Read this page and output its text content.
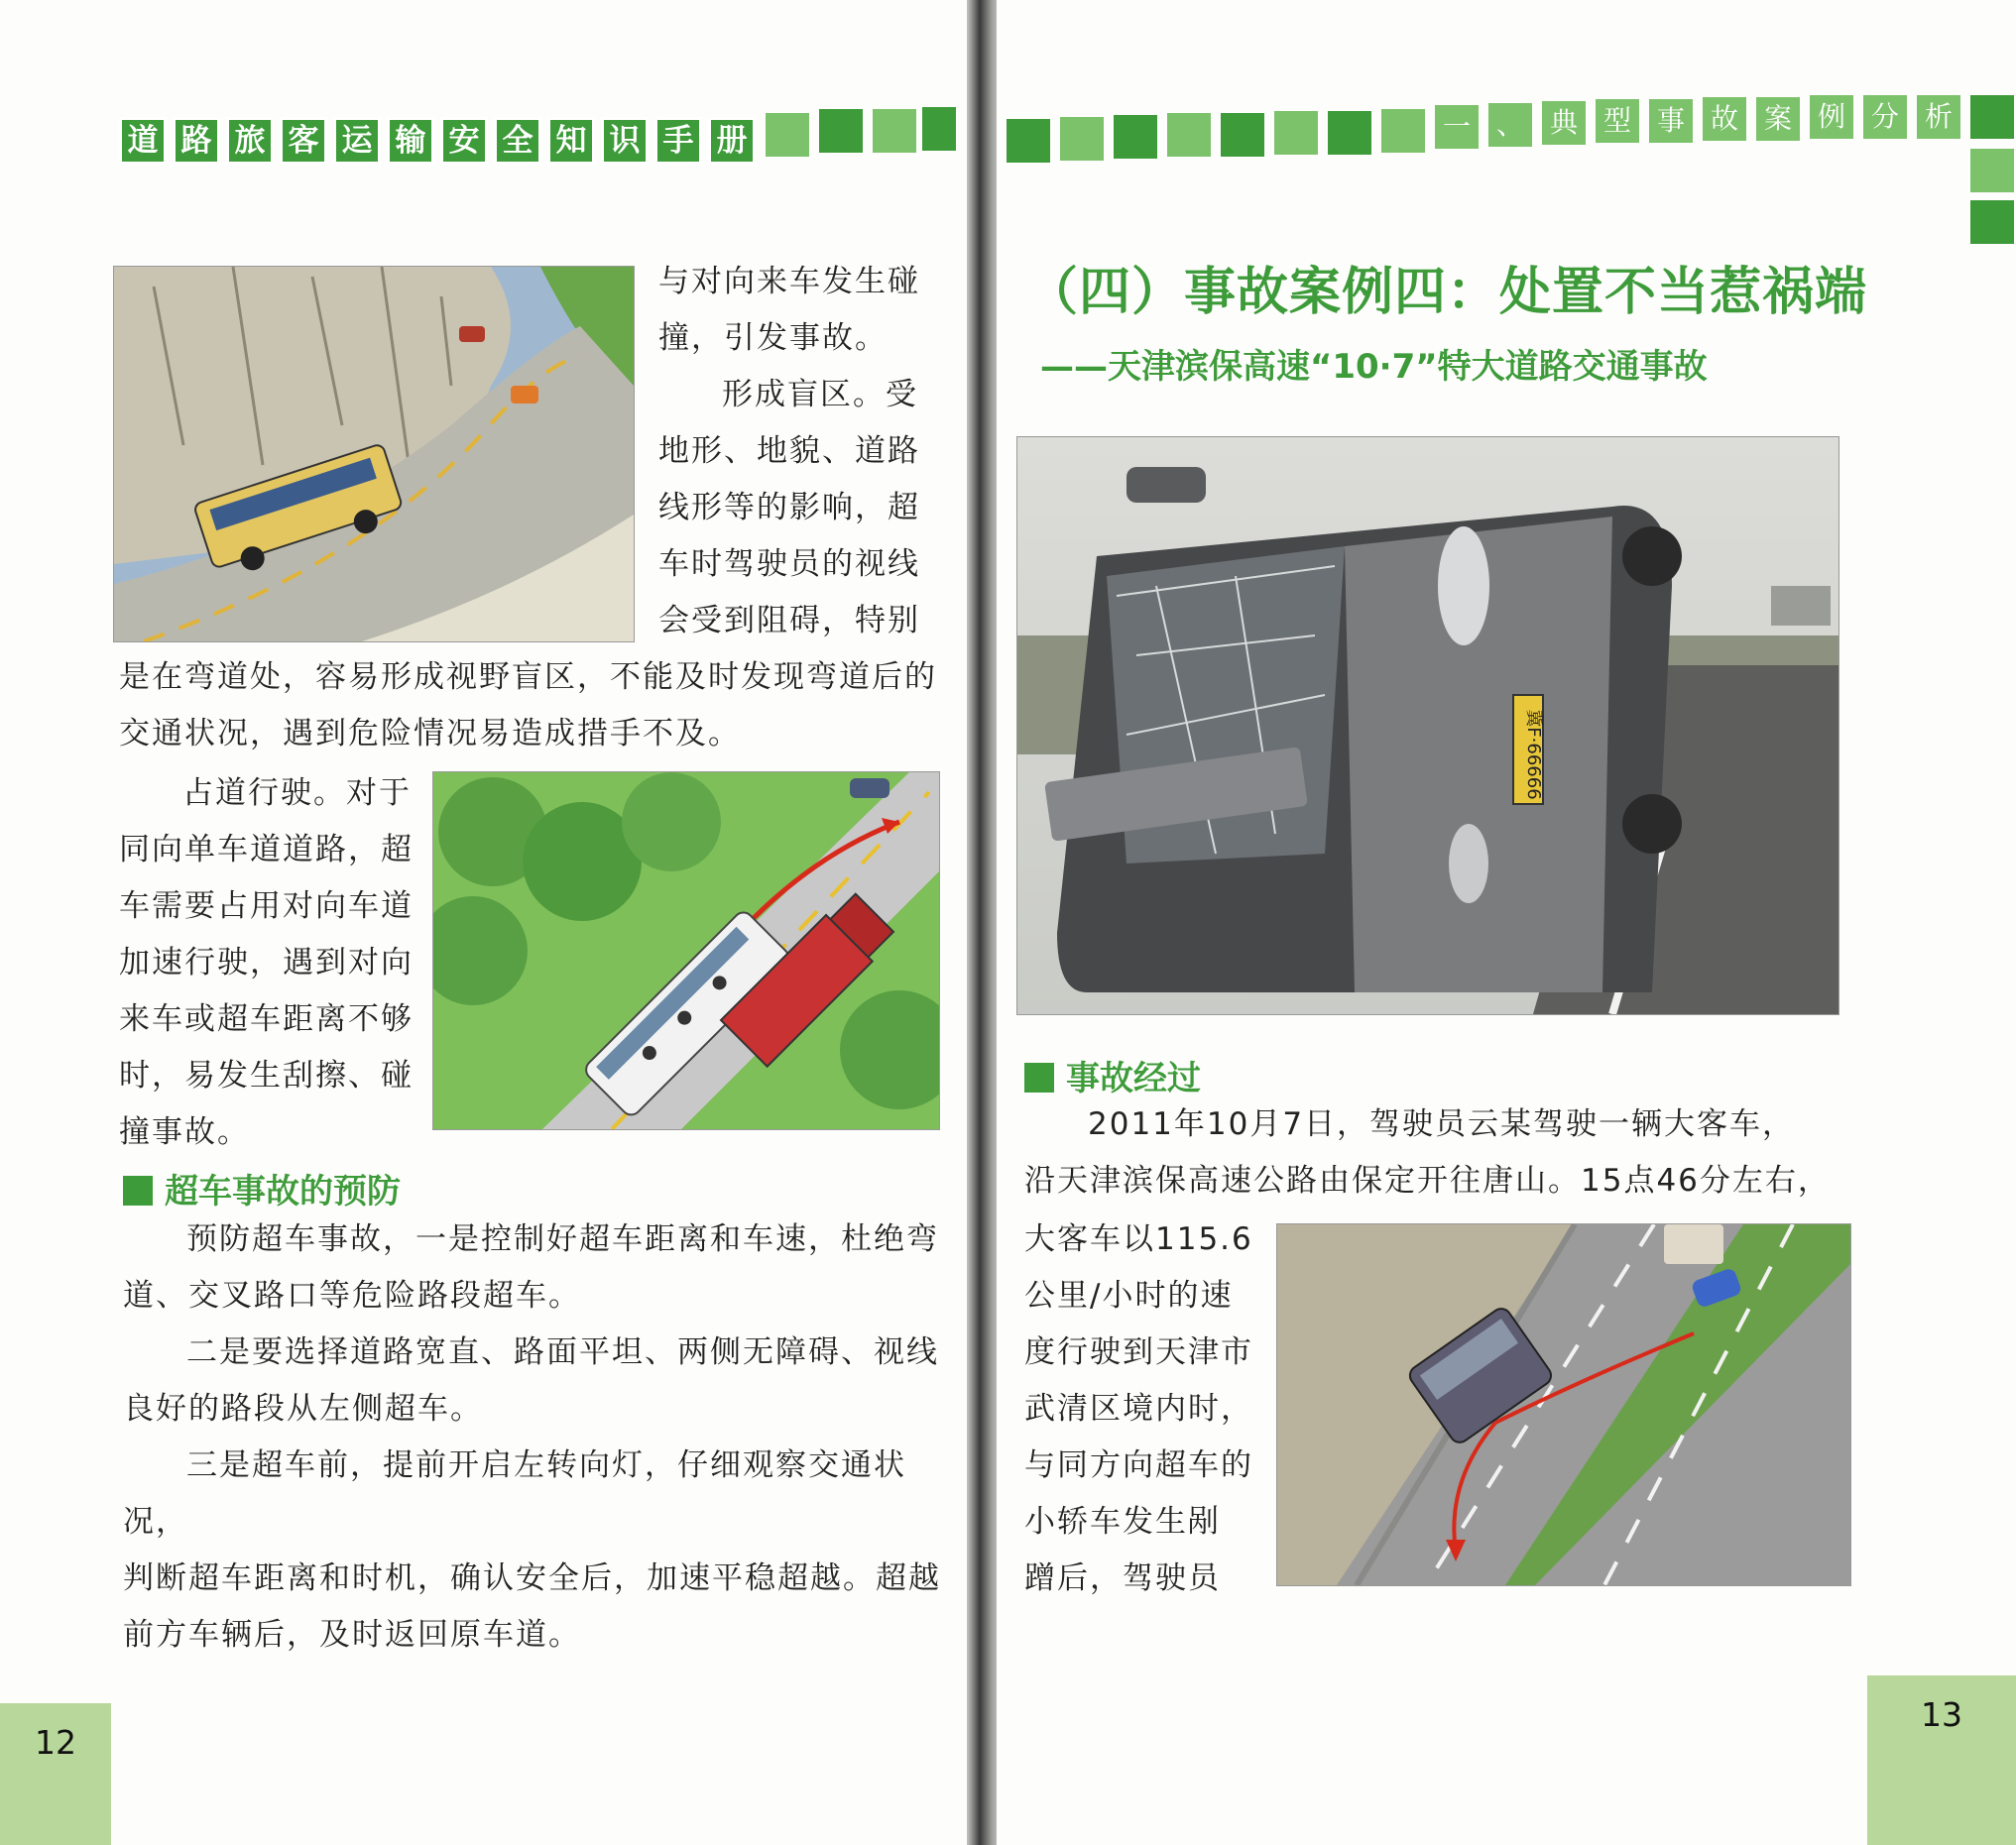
道 路 旅 客 运 输 安 全 知 识 手 册
与对向来车发生碰
撞，引发事故。
形成盲区。受
地形、地貌、道路
线形等的影响，超
车时驾驶员的视线
会受到阻碍，特别
是在弯道处，容易形成视野盲区，不能及时发现弯道后的
交通状况，遇到危险情况易造成措手不及。
占道行驶。对于
同向单车道道路，超
车需要占用对向车道
加速行驶，遇到对向
来车或超车距离不够
时，易发生刮擦、碰
撞事故。
超车事故的预防
预防超车事故，一是控制好超车距离和车速，杜绝弯
道、交叉路口等危险路段超车。
二是要选择道路宽直、路面平坦、两侧无障碍、视线
良好的路段从左侧超车。
三是超车前，提前开启左转向灯，仔细观察交通状况，
判断超车距离和时机，确认安全后，加速平稳超越。超越
前方车辆后，及时返回原车道。
12
一 、 典 型 事 故 案 例 分 析
（四）事故案例四：处置不当惹祸端
——天津滨保高速“10·7”特大道路交通事故
冀F·66666
事故经过
2011年10月7日，驾驶员云某驾驶一辆大客车，
沿天津滨保高速公路由保定开往唐山。15点46分左右，
大客车以115.6
公里/小时的速
度行驶到天津市
武清区境内时，
与同方向超车的
小轿车发生剐
蹭后，驾驶员
13
